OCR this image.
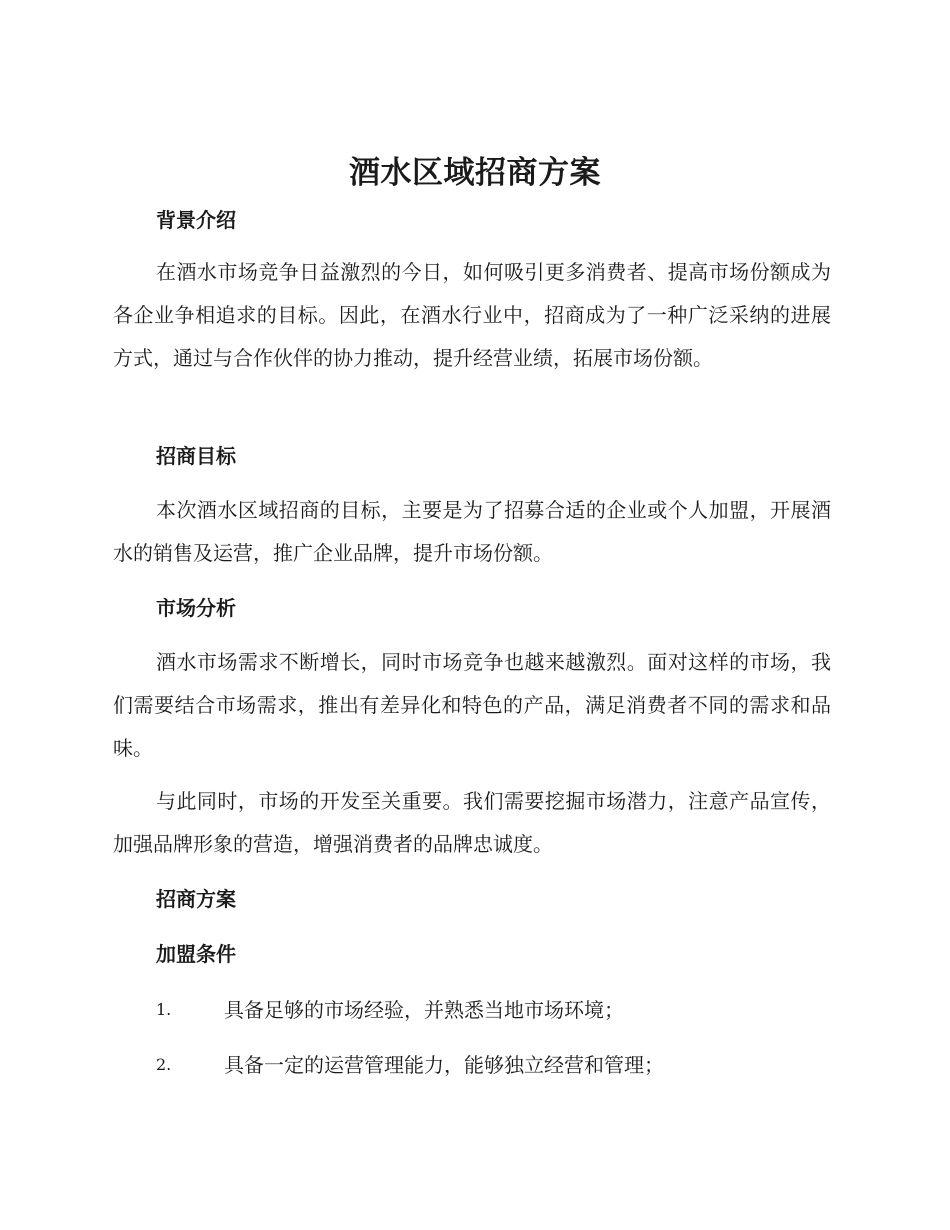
酒水区域招商方案
背景介绍

在酒水市场竞争日益激烈的今日，如何吸引更多消费者、提高市场份额成为各企业争相追求的目标。因此，在酒水行业中，招商成为了一种广泛采纳的进展方式，通过与合作伙伴的协力推动，提升经营业绩，拓展市场份额。

招商目标

本次酒水区域招商的目标，主要是为了招募合适的企业或个人加盟，开展酒水的销售及运营，推广企业品牌，提升市场份额。

市场分析

酒水市场需求不断增长，同时市场竞争也越来越激烈。面对这样的市场，我们需要结合市场需求，推出有差异化和特色的产品，满足消费者不同的需求和品味。

与此同时，市场的开发至关重要。我们需要挖掘市场潜力，注意产品宣传，加强品牌形象的营造，增强消费者的品牌忠诚度。

招商方案
加盟条件
1.	具备足够的市场经验，并熟悉当地市场环境；
2.	具备一定的运营管理能力，能够独立经营和管理；
